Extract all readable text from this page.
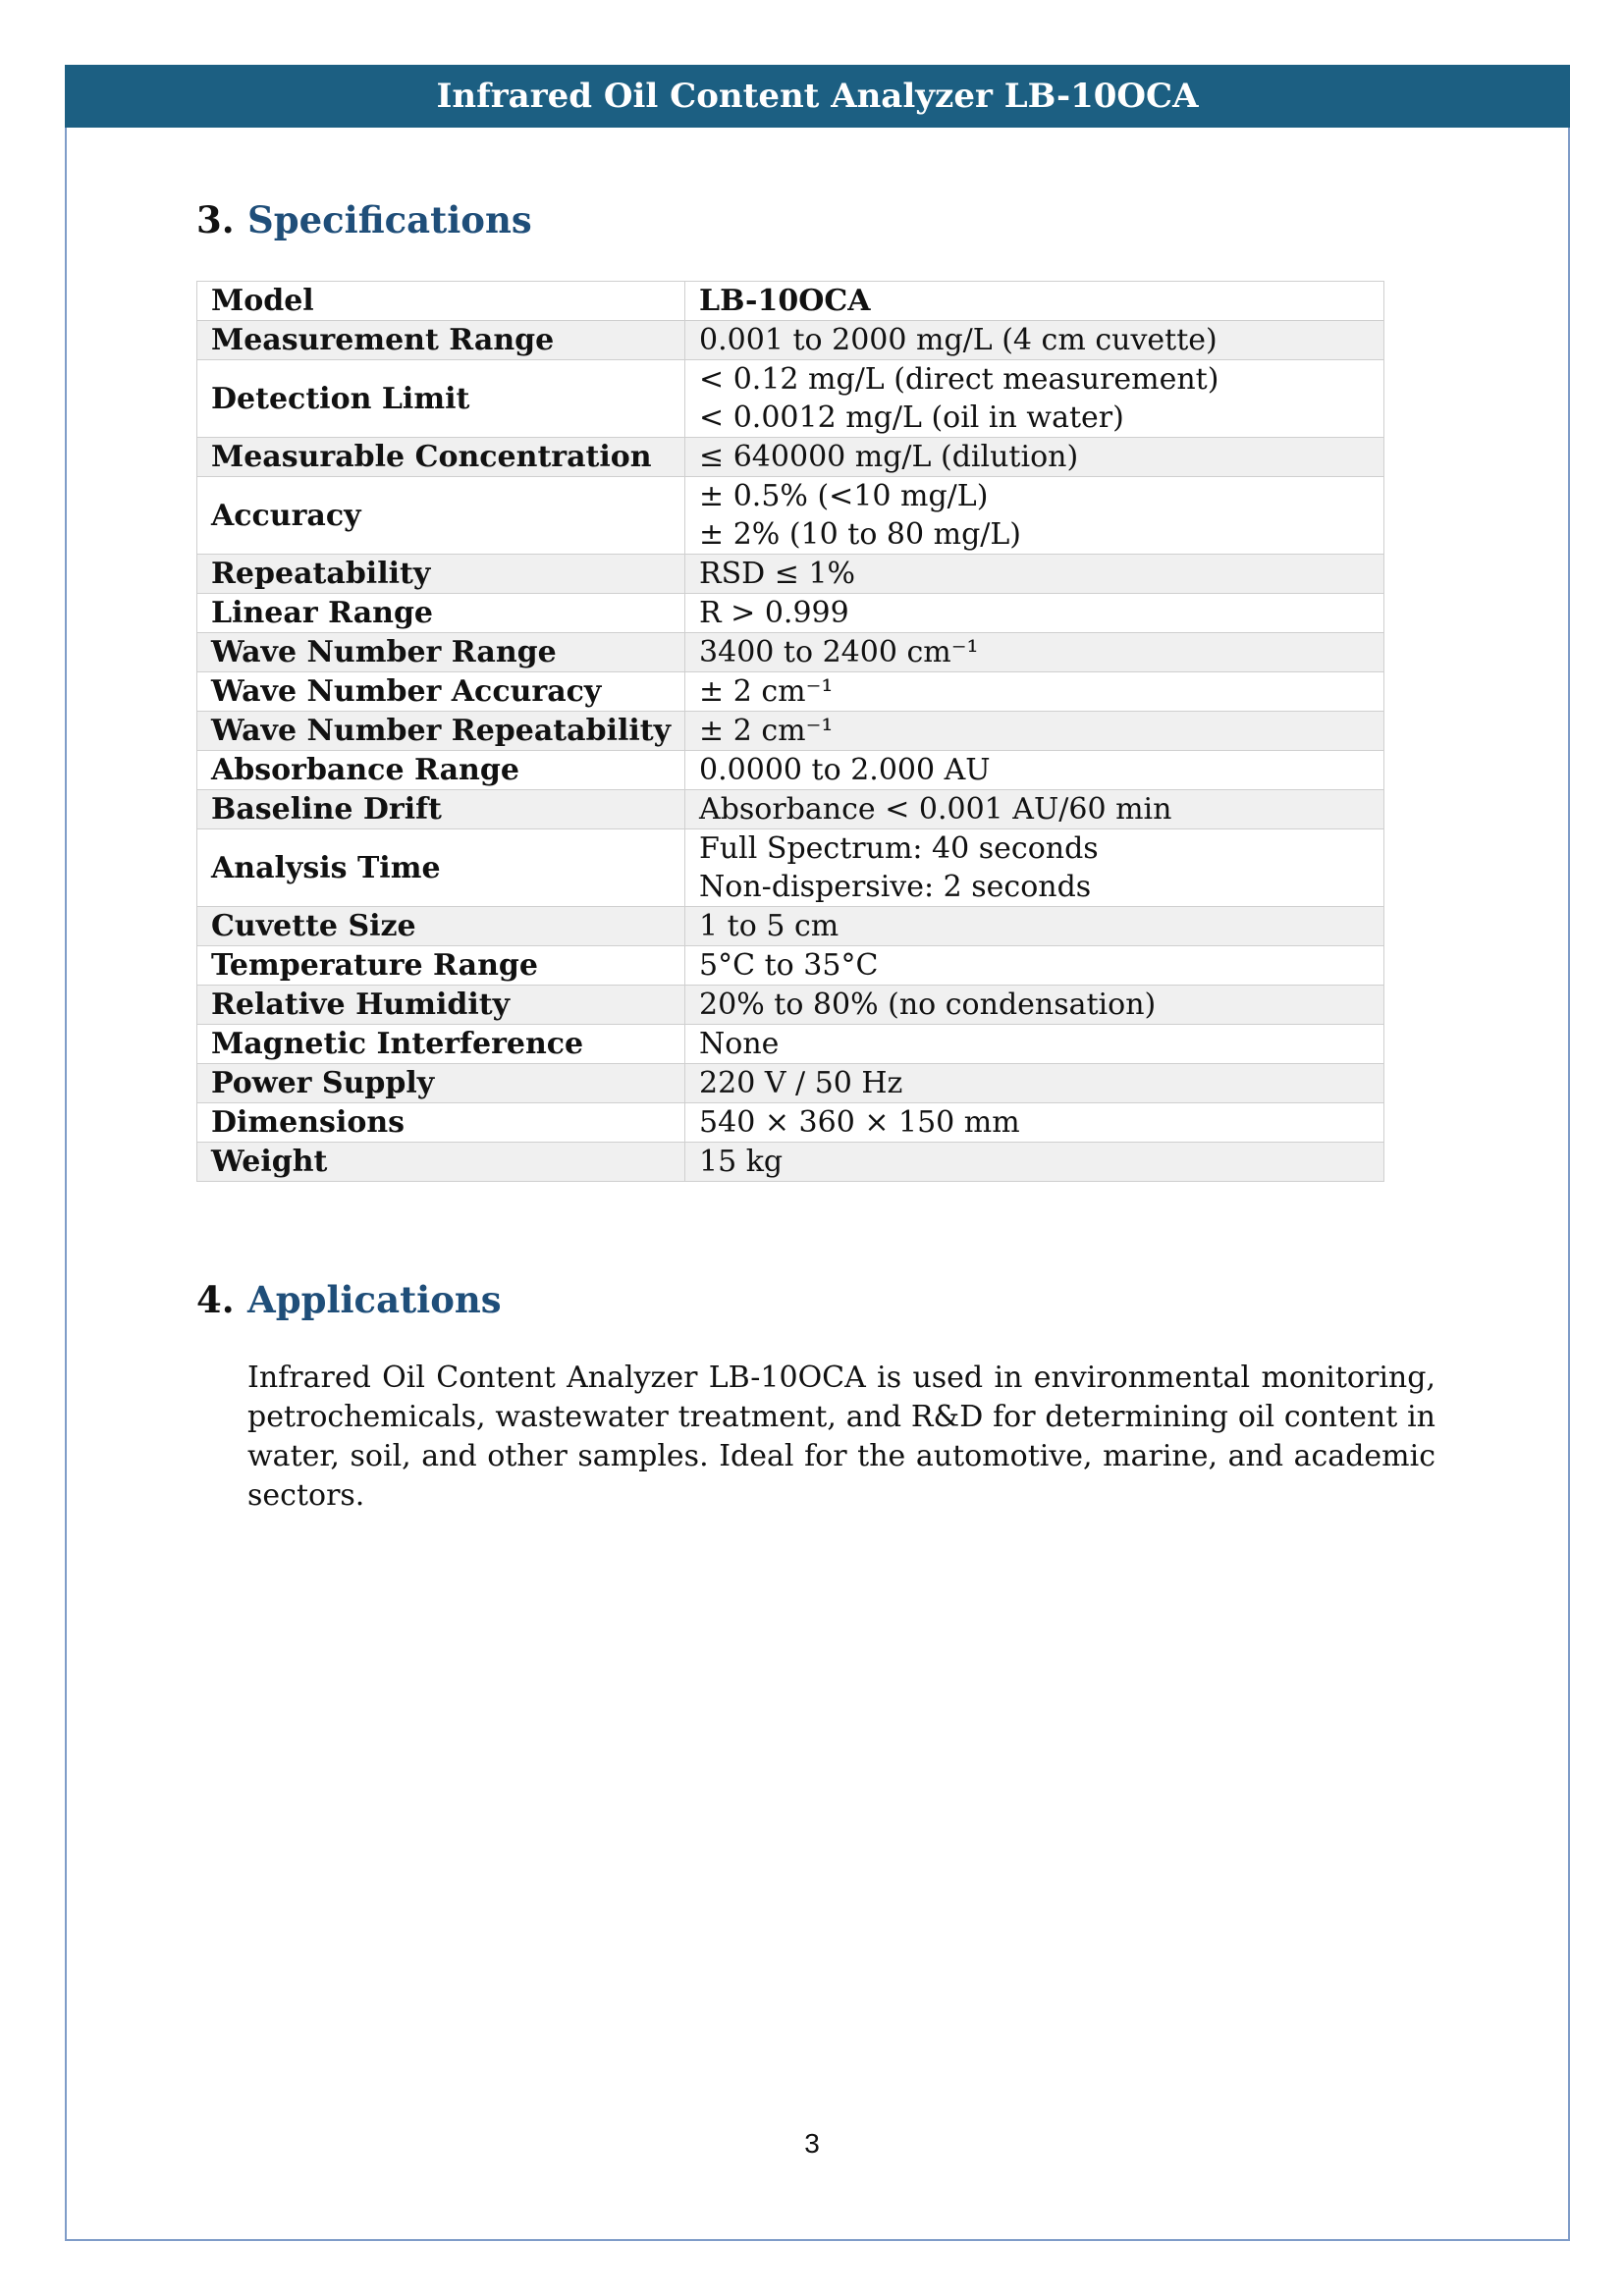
Infrared Oil Content Analyzer LB-10OCA
3. Specifications
Model	LB-10OCA

Measurement Range	0.001 to 2000 mg/L (4 cm cuvette)

Detection Limit	< 0.12 mg/L (direct measurement)
< 0.0012 mg/L (oil in water)

Measurable Concentration	≤ 640000 mg/L (dilution)

Accuracy	± 0.5% (<10 mg/L)
± 2% (10 to 80 mg/L)

Repeatability	RSD ≤ 1%

Linear Range	R > 0.999

Wave Number Range	3400 to 2400 cm⁻¹

Wave Number Accuracy	± 2 cm⁻¹

Wave Number Repeatability	± 2 cm⁻¹

Absorbance Range	0.0000 to 2.000 AU

Baseline Drift	Absorbance < 0.001 AU/60 min

Analysis Time	Full Spectrum: 40 seconds
Non-dispersive: 2 seconds

Cuvette Size	1 to 5 cm

Temperature Range	5°C to 35°C

Relative Humidity	20% to 80% (no condensation)

Magnetic Interference	None

Power Supply	220 V / 50 Hz

Dimensions	540 × 360 × 150 mm

Weight	15 kg
4. Applications
Infrared Oil Content Analyzer LB-10OCA is used in environmental monitoring, petrochemicals, wastewater treatment, and R&D for determining oil content in water, soil, and other samples. Ideal for the automotive, marine, and academic sectors.
3
